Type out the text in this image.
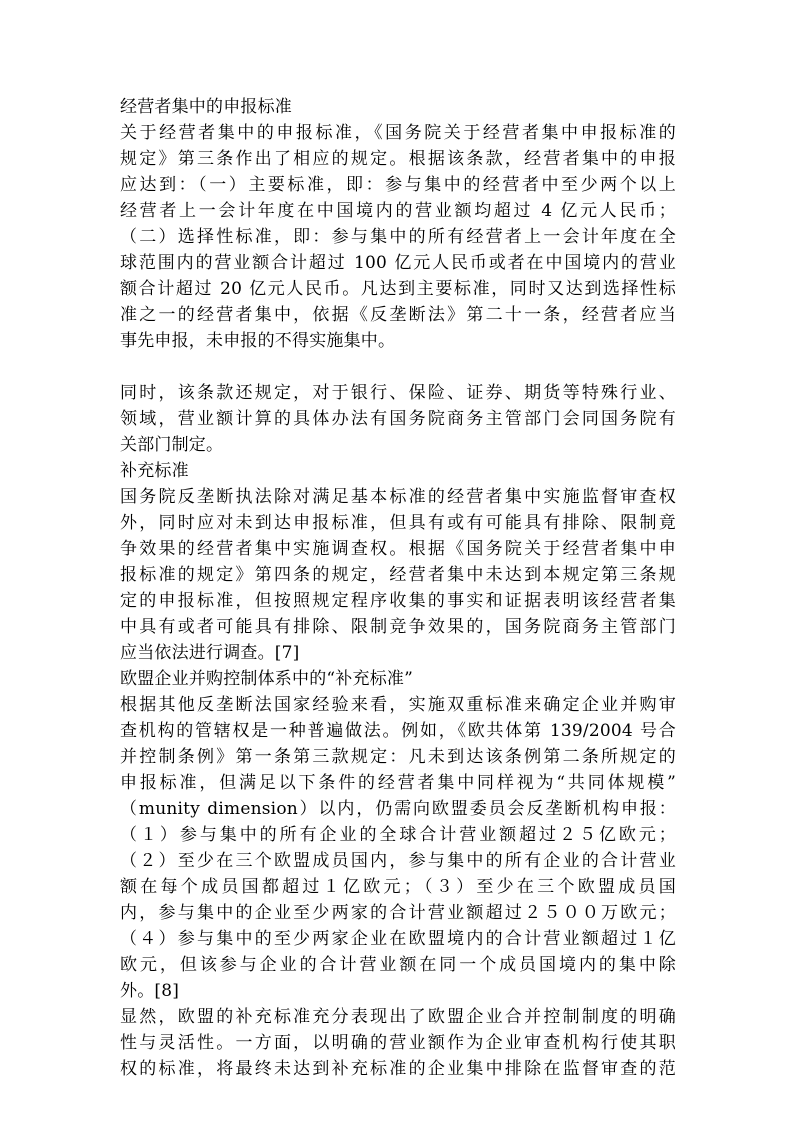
经营者集中的申报标准
关于经营者集中的申报标准，《国务院关于经营者集中申报标准的
规定》第三条作出了相应的规定。根据该条款，经营者集中的申报
应达到：（一）主要标准，即：参与集中的经营者中至少两个以上
经营者上一会计年度在中国境内的营业额均超过 4 亿元人民币；
（二）选择性标准，即：参与集中的所有经营者上一会计年度在全
球范围内的营业额合计超过 100 亿元人民币或者在中国境内的营业
额合计超过 20 亿元人民币。凡达到主要标准，同时又达到选择性标
准之一的经营者集中，依据《反垄断法》第二十一条，经营者应当
事先申报，未申报的不得实施集中。
同时，该条款还规定，对于银行、保险、证券、期货等特殊行业、
领域，营业额计算的具体办法有国务院商务主管部门会同国务院有
关部门制定。
补充标准
国务院反垄断执法除对满足基本标准的经营者集中实施监督审查权
外，同时应对未到达申报标准，但具有或有可能具有排除、限制竟
争效果的经营者集中实施调查权。根据《国务院关于经营者集中申
报标准的规定》第四条的规定，经营者集中未达到本规定第三条规
定的申报标准，但按照规定程序收集的事实和证据表明该经营者集
中具有或者可能具有排除、限制竞争效果的，国务院商务主管部门
应当依法进行调查。[7]
欧盟企业并购控制体系中的“补充标准”
根据其他反垄断法国家经验来看，实施双重标准来确定企业并购审
查机构的管辖权是一种普遍做法。例如，《欧共体第 139/2004 号合
并控制条例》第一条第三款规定：凡未到达该条例第二条所规定的
申报标准，但满足以下条件的经营者集中同样视为“共同体规模”
（munity dimension）以内，仍需向欧盟委员会反垄断机构申报：
（１）参与集中的所有企业的全球合计营业额超过２５亿欧元；
（２）至少在三个欧盟成员国内，参与集中的所有企业的合计营业
额在每个成员国都超过１亿欧元；（３）至少在三个欧盟成员国
内，参与集中的企业至少两家的合计营业额超过２５００万欧元；
（４）参与集中的至少两家企业在欧盟境内的合计营业额超过１亿
欧元，但该参与企业的合计营业额在同一个成员国境内的集中除
外。[8]
显然，欧盟的补充标准充分表现出了欧盟企业合并控制制度的明确
性与灵活性。一方面，以明确的营业额作为企业审查机构行使其职
权的标准，将最终未达到补充标准的企业集中排除在监督审查的范
